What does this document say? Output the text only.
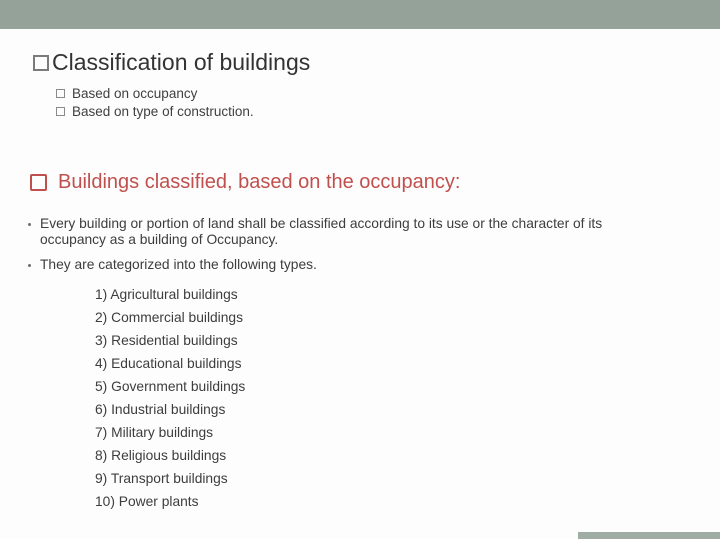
Classification of buildings
Based on occupancy
Based on type of construction.
Buildings classified, based on the occupancy:
Every building or portion of land shall be classified according to its use or the character of its occupancy as a building of Occupancy.
They are categorized into the following types.
1) Agricultural buildings
2) Commercial buildings
3) Residential buildings
4) Educational buildings
5) Government buildings
6) Industrial buildings
7) Military buildings
8) Religious buildings
9) Transport buildings
10) Power plants
